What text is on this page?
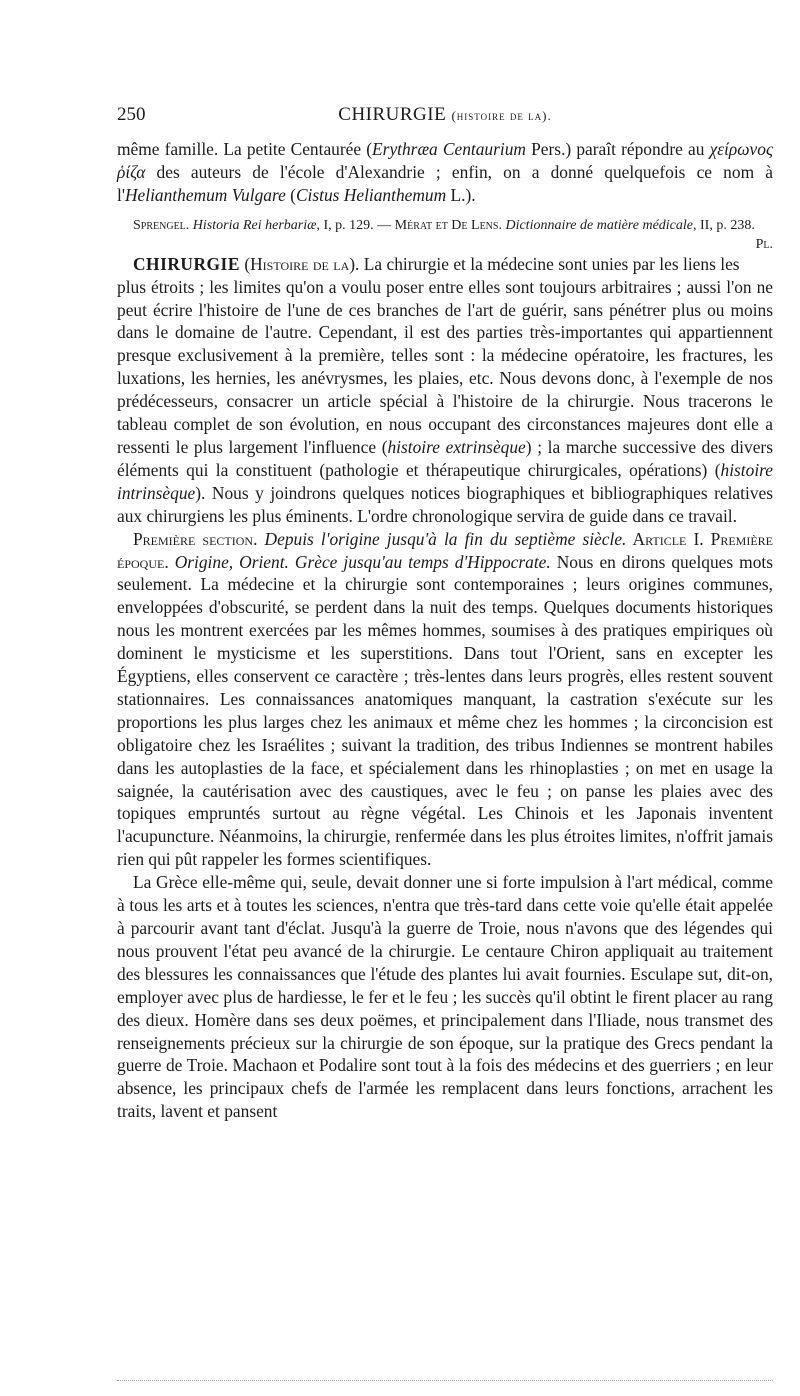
250	CHIRURGIE (histoire de la).

même famille. La petite Centaurée (Erythræa Centaurium Pers.) paraît répondre au χείρωνος ῥίζα des auteurs de l'école d'Alexandrie ; enfin, on a donné quelquefois ce nom à l'Helianthemum Vulgare (Cistus Helianthemum L.).

Sprengel. Historia Rei herbariæ, I, p. 129. — Mérat et De Lens. Dictionnaire de matière médicale, II, p. 238.
Pl.

CHIRURGIE (Histoire de la). La chirurgie et la médecine sont unies par les liens les plus étroits ; les limites qu'on a voulu poser entre elles sont toujours arbitraires ; aussi l'on ne peut écrire l'histoire de l'une de ces branches de l'art de guérir, sans pénétrer plus ou moins dans le domaine de l'autre. Cependant, il est des parties très-importantes qui appartiennent presque exclusivement à la première, telles sont : la médecine opératoire, les fractures, les luxations, les hernies, les anévrysmes, les plaies, etc. Nous devons donc, à l'exemple de nos prédécesseurs, consacrer un article spécial à l'histoire de la chirurgie. Nous tracerons le tableau complet de son évolution, en nous occupant des circonstances majeures dont elle a ressenti le plus largement l'influence (histoire extrinsèque) ; la marche successive des divers éléments qui la constituent (pathologie et thérapeutique chirurgicales, opérations) (histoire intrinsèque). Nous y joindrons quelques notices biographiques et bibliographiques relatives aux chirurgiens les plus éminents. L'ordre chronologique servira de guide dans ce travail.

Première section. Depuis l'origine jusqu'à la fin du septième siècle. Article I. Première époque. Origine, Orient. Grèce jusqu'au temps d'Hippocrate. Nous en dirons quelques mots seulement. La médecine et la chirurgie sont contemporaines ; leurs origines communes, enveloppées d'obscurité, se perdent dans la nuit des temps. Quelques documents historiques nous les montrent exercées par les mêmes hommes, soumises à des pratiques empiriques où dominent le mysticisme et les superstitions. Dans tout l'Orient, sans en excepter les Égyptiens, elles conservent ce caractère ; très-lentes dans leurs progrès, elles restent souvent stationnaires. Les connaissances anatomiques manquant, la castration s'exécute sur les proportions les plus larges chez les animaux et même chez les hommes ; la circoncision est obligatoire chez les Israélites ; suivant la tradition, des tribus Indiennes se montrent habiles dans les autoplasties de la face, et spécialement dans les rhinoplasties ; on met en usage la saignée, la cautérisation avec des caustiques, avec le feu ; on panse les plaies avec des topiques empruntés surtout au règne végétal. Les Chinois et les Japonais inventent l'acupuncture. Néanmoins, la chirurgie, renfermée dans les plus étroites limites, n'offrit jamais rien qui pût rappeler les formes scientifiques.

La Grèce elle-même qui, seule, devait donner une si forte impulsion à l'art médical, comme à tous les arts et à toutes les sciences, n'entra que très-tard dans cette voie qu'elle était appelée à parcourir avant tant d'éclat. Jusqu'à la guerre de Troie, nous n'avons que des légendes qui nous prouvent l'état peu avancé de la chirurgie. Le centaure Chiron appliquait au traitement des blessures les connaissances que l'étude des plantes lui avait fournies. Esculape sut, dit-on, employer avec plus de hardiesse, le fer et le feu ; les succès qu'il obtint le firent placer au rang des dieux. Homère dans ses deux poëmes, et principalement dans l'Iliade, nous transmet des renseignements précieux sur la chirurgie de son époque, sur la pratique des Grecs pendant la guerre de Troie. Machaon et Podalire sont tout à la fois des médecins et des guerriers ; en leur absence, les principaux chefs de l'armée les remplacent dans leurs fonctions, arrachent les traits, lavent et pansent
